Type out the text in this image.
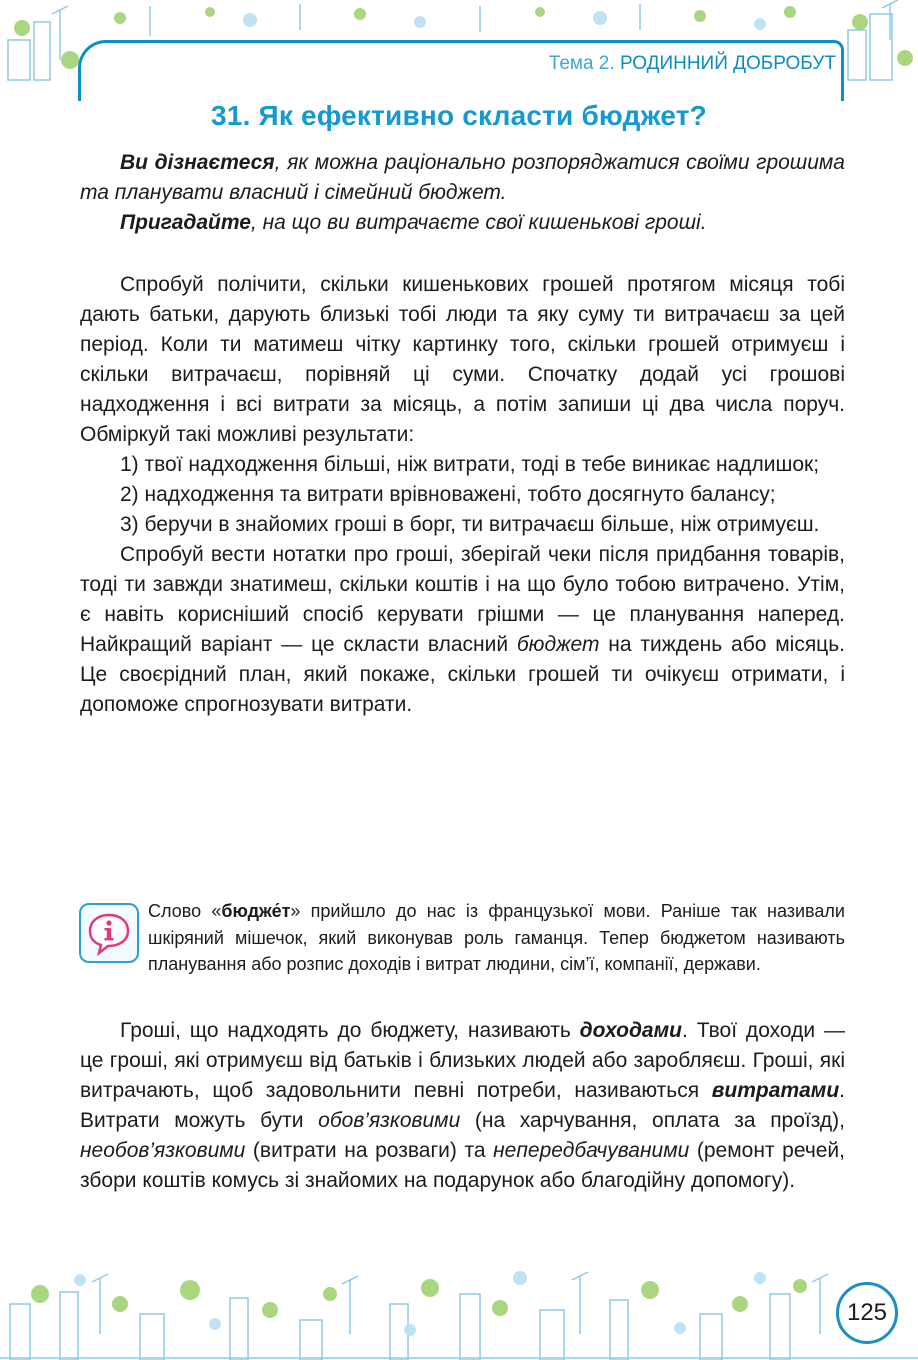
Тема 2. РОДИННИЙ ДОБРОБУТ
31. Як ефективно скласти бюджет?

Ви дізнаєтеся, як можна раціонально розпоряджатися своїми грошима та планувати власний і сімейний бюджет.

Пригадайте, на що ви витрачаєте свої кишенькові гроші.

Спробуй полічити, скільки кишенькових грошей протягом місяця тобі дають батьки, дарують близькі тобі люди та яку суму ти витрачаєш за цей період. Коли ти матимеш чітку картинку того, скільки грошей отримуєш і скільки витрачаєш, порівняй ці суми. Спочатку додай усі грошові надходження і всі витрати за місяць, а потім запиши ці два числа поруч. Обміркуй такі можливі результати:

1) твої надходження більші, ніж витрати, тоді в тебе виникає надлишок;

2) надходження та витрати врівноважені, тобто досягнуто балансу;

3) беручи в знайомих гроші в борг, ти витрачаєш більше, ніж отримуєш.

Спробуй вести нотатки про гроші, зберігай чеки після придбання товарів, тоді ти завжди знатимеш, скільки коштів і на що було тобою витрачено. Утім, є навіть корисніший спосіб керувати грішми — це планування наперед. Найкращий варіант — це скласти власний бюджет на тиждень або місяць. Це своєрідний план, який покаже, скільки грошей ти очікуєш отримати, і допоможе спрогнозувати витрати.

Слово «бюдже́т» прийшло до нас із французької мови. Раніше так називали шкіряний мішечок, який виконував роль гаманця. Тепер бюджетом називають планування або розпис доходів і витрат людини, сім’ї, компанії, держави.

Гроші, що надходять до бюджету, називають доходами. Твої доходи — це гроші, які отримуєш від батьків і близьких людей або заробляєш. Гроші, які витрачають, щоб задовольнити певні потреби, називаються витратами. Витрати можуть бути обов’язковими (на харчування, оплата за проїзд), необов’язковими (витрати на розваги) та непередбачуваними (ремонт речей, збори коштів комусь зі знайомих на подарунок або благодійну допомогу).

125
